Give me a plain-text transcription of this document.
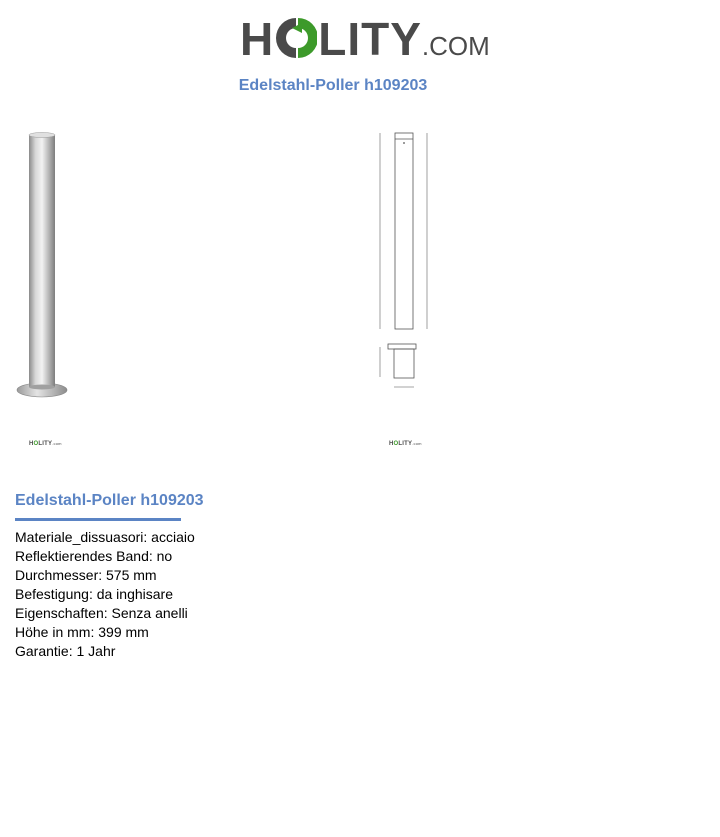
H LITY.COM
Edelstahl-Poller h109203
HOLITY.com	HOLITY.com
Edelstahl-Poller h109203
Materiale_dissuasori: acciaio
Reflektierendes Band: no
Durchmesser: 575 mm
Befestigung: da inghisare
Eigenschaften: Senza anelli
Höhe in mm: 399 mm
Garantie: 1 Jahr
